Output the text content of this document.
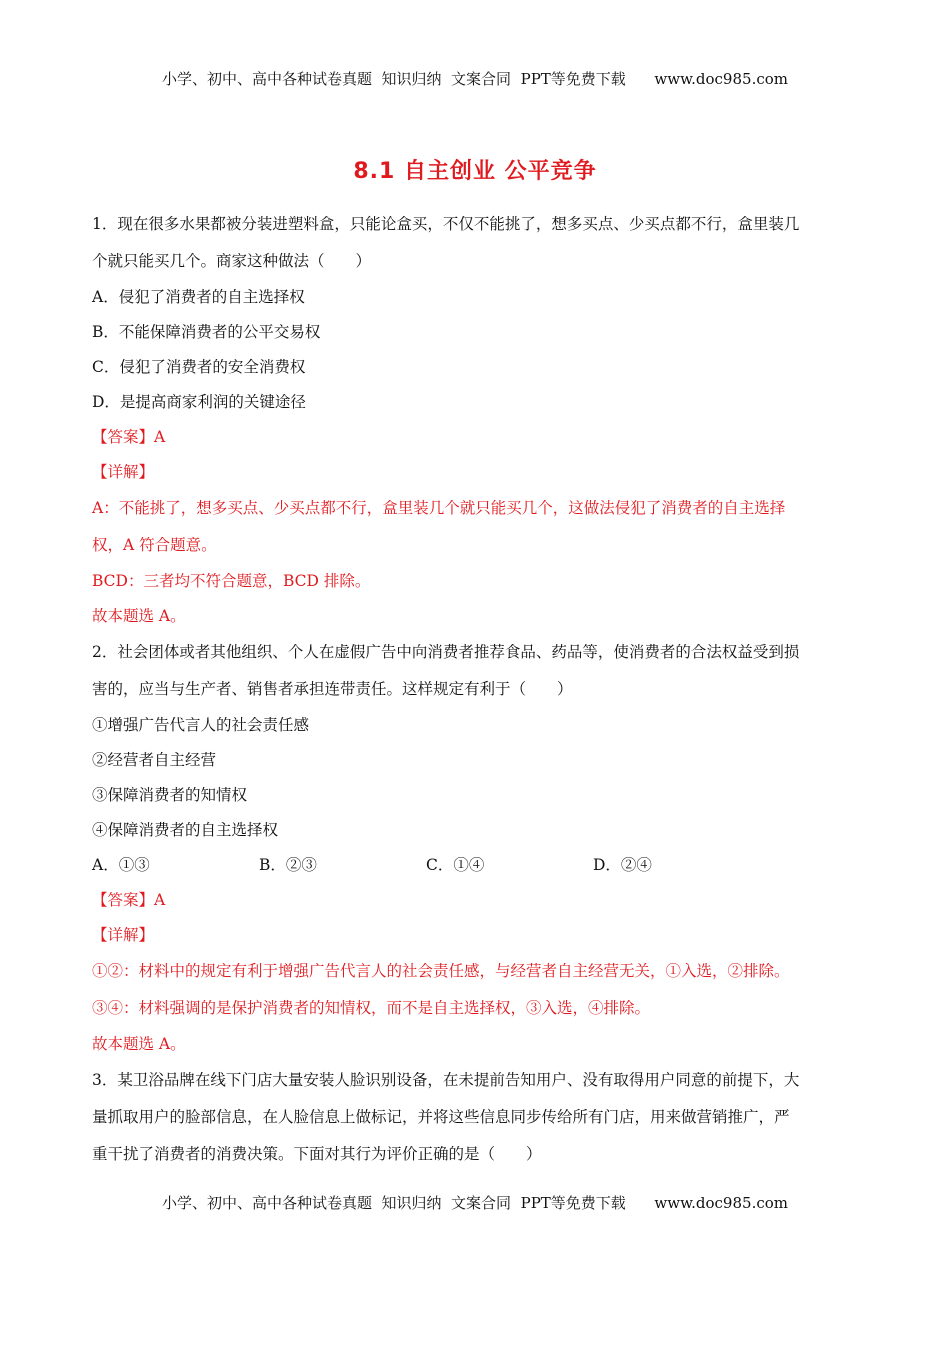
小学、初中、高中各种试卷真题  知识归纳  文案合同  PPT等免费下载      www.doc985.com
8.1 自主创业 公平竞争
1．现在很多水果都被分装进塑料盒，只能论盒买，不仅不能挑了，想多买点、少买点都不行，盒里装几
个就只能买几个。商家这种做法（　　）
A．侵犯了消费者的自主选择权
B．不能保障消费者的公平交易权
C．侵犯了消费者的安全消费权
D．是提高商家利润的关键途径
【答案】A
【详解】
A：不能挑了，想多买点、少买点都不行，盒里装几个就只能买几个，这做法侵犯了消费者的自主选择
权，A 符合题意。
BCD：三者均不符合题意，BCD 排除。
故本题选 A。
2．社会团体或者其他组织、个人在虚假广告中向消费者推荐食品、药品等，使消费者的合法权益受到损
害的，应当与生产者、销售者承担连带责任。这样规定有利于（　　）
①增强广告代言人的社会责任感
②经营者自主经营
③保障消费者的知情权
④保障消费者的自主选择权
A．①③	B．②③	C．①④	D．②④
【答案】A
【详解】
①②：材料中的规定有利于增强广告代言人的社会责任感，与经营者自主经营无关，①入选，②排除。
③④：材料强调的是保护消费者的知情权，而不是自主选择权，③入选，④排除。
故本题选 A。
3．某卫浴品牌在线下门店大量安装人脸识别设备，在未提前告知用户、没有取得用户同意的前提下，大
量抓取用户的脸部信息，在人脸信息上做标记，并将这些信息同步传给所有门店，用来做营销推广，严
重干扰了消费者的消费决策。下面对其行为评价正确的是（　　）
小学、初中、高中各种试卷真题  知识归纳  文案合同  PPT等免费下载      www.doc985.com
